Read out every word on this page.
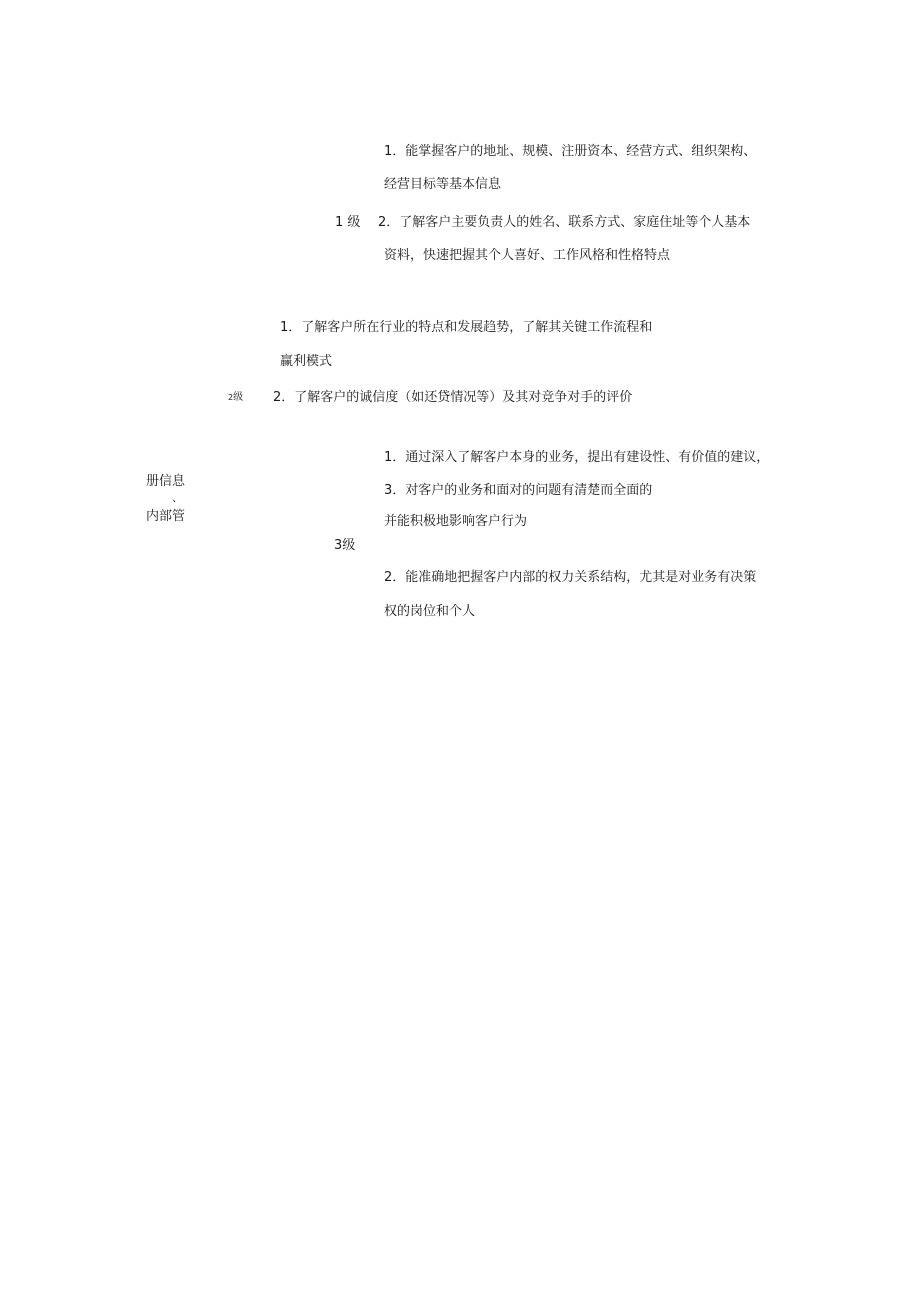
1．能掌握客户的地址、规模、注册资本、经营方式、组织架构、
经营目标等基本信息
1 级 2．了解客户主要负责人的姓名、联系方式、家庭住址等个人基本
资料，快速把握其个人喜好、工作风格和性格特点
1．了解客户所在行业的特点和发展趋势，了解其关键工作流程和
赢利模式
2级 2．了解客户的诚信度（如还贷情况等）及其对竞争对手的评价
1．通过深入了解客户本身的业务，提出有建设性、有价值的建议，
3．对客户的业务和面对的问题有清楚而全面的
并能积极地影响客户行为
3级
2．能准确地把握客户内部的权力关系结构，尤其是对业务有决策
权的岗位和个人
册信息
、
内部管
